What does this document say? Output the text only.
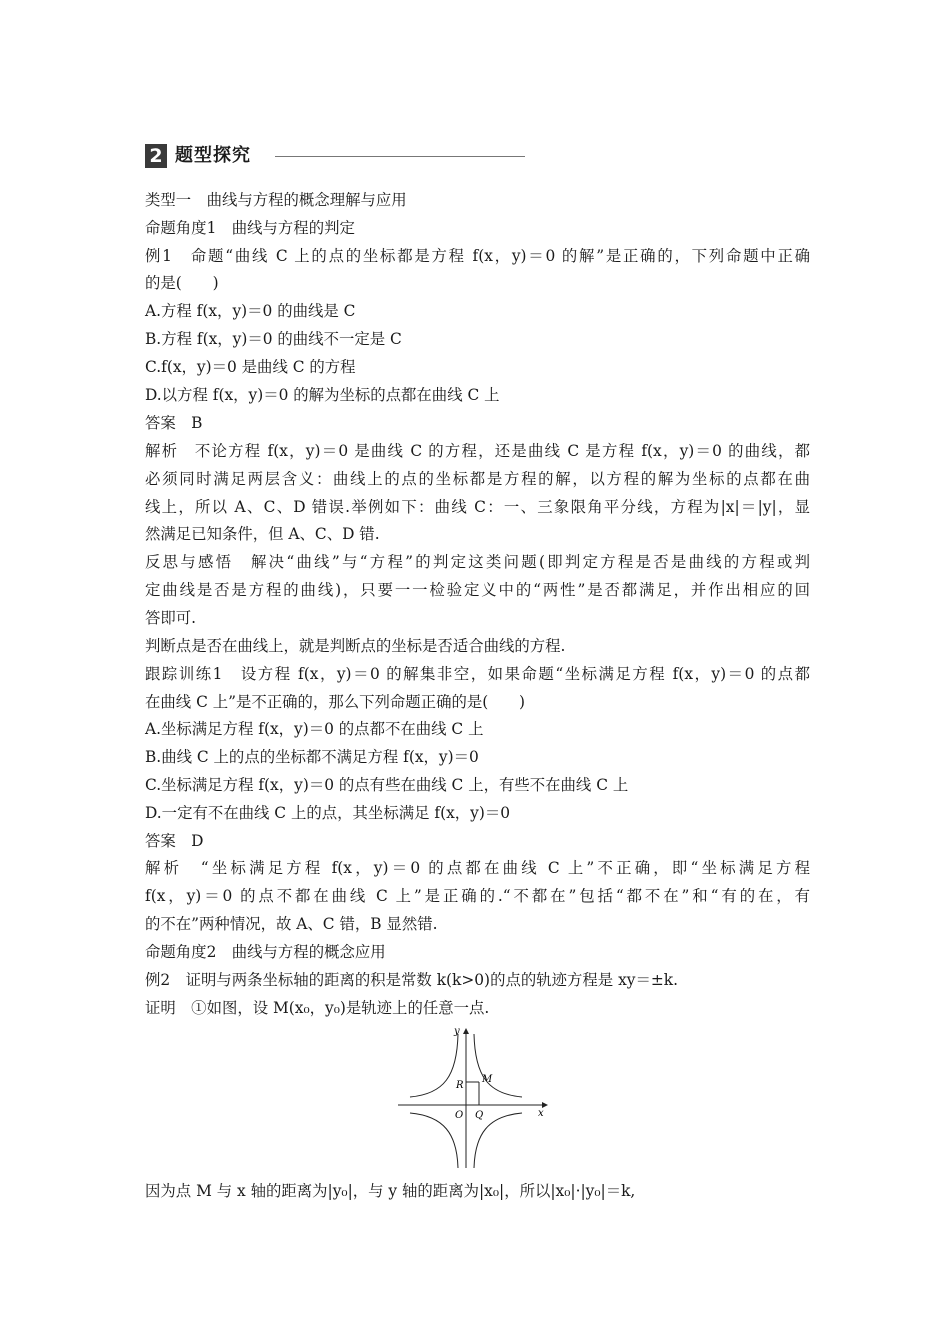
2 题型探究
类型一　曲线与方程的概念理解与应用
命题角度1　曲线与方程的判定
例1　命题“曲线 C 上的点的坐标都是方程 f(x，y)＝0 的解”是正确的，下列命题中正确
的是(　　)
A.方程 f(x，y)＝0 的曲线是 C
B.方程 f(x，y)＝0 的曲线不一定是 C
C.f(x，y)＝0 是曲线 C 的方程
D.以方程 f(x，y)＝0 的解为坐标的点都在曲线 C 上
答案　B
解析　不论方程 f(x，y)＝0 是曲线 C 的方程，还是曲线 C 是方程 f(x，y)＝0 的曲线，都
必须同时满足两层含义：曲线上的点的坐标都是方程的解，以方程的解为坐标的点都在曲
线上，所以 A、C、D 错误.举例如下：曲线 C：一、三象限角平分线，方程为|x|＝|y|，显
然满足已知条件，但 A、C、D 错.
反思与感悟　解决“曲线”与“方程”的判定这类问题(即判定方程是否是曲线的方程或判
定曲线是否是方程的曲线)，只要一一检验定义中的“两性”是否都满足，并作出相应的回
答即可.
判断点是否在曲线上，就是判断点的坐标是否适合曲线的方程.
跟踪训练1　设方程 f(x，y)＝0 的解集非空，如果命题“坐标满足方程 f(x，y)＝0 的点都
在曲线 C 上”是不正确的，那么下列命题正确的是(　　)
A.坐标满足方程 f(x，y)＝0 的点都不在曲线 C 上
B.曲线 C 上的点的坐标都不满足方程 f(x，y)＝0
C.坐标满足方程 f(x，y)＝0 的点有些在曲线 C 上，有些不在曲线 C 上
D.一定有不在曲线 C 上的点，其坐标满足 f(x，y)＝0
答案　D
解析　“坐标满足方程 f(x，y)＝0 的点都在曲线 C 上”不正确，即“坐标满足方程
f(x，y)＝0 的点不都在曲线 C 上”是正确的.“不都在”包括“都不在”和“有的在，有
的不在”两种情况，故 A、C 错，B 显然错.
命题角度2　曲线与方程的概念应用
例2　证明与两条坐标轴的距离的积是常数 k(k>0)的点的轨迹方程是 xy＝±k.
证明　①如图，设 M(x₀，y₀)是轨迹上的任意一点.
因为点 M 与 x 轴的距离为|y₀|，与 y 轴的距离为|x₀|，所以|x₀|·|y₀|＝k,
y
x
R
M
O Q
